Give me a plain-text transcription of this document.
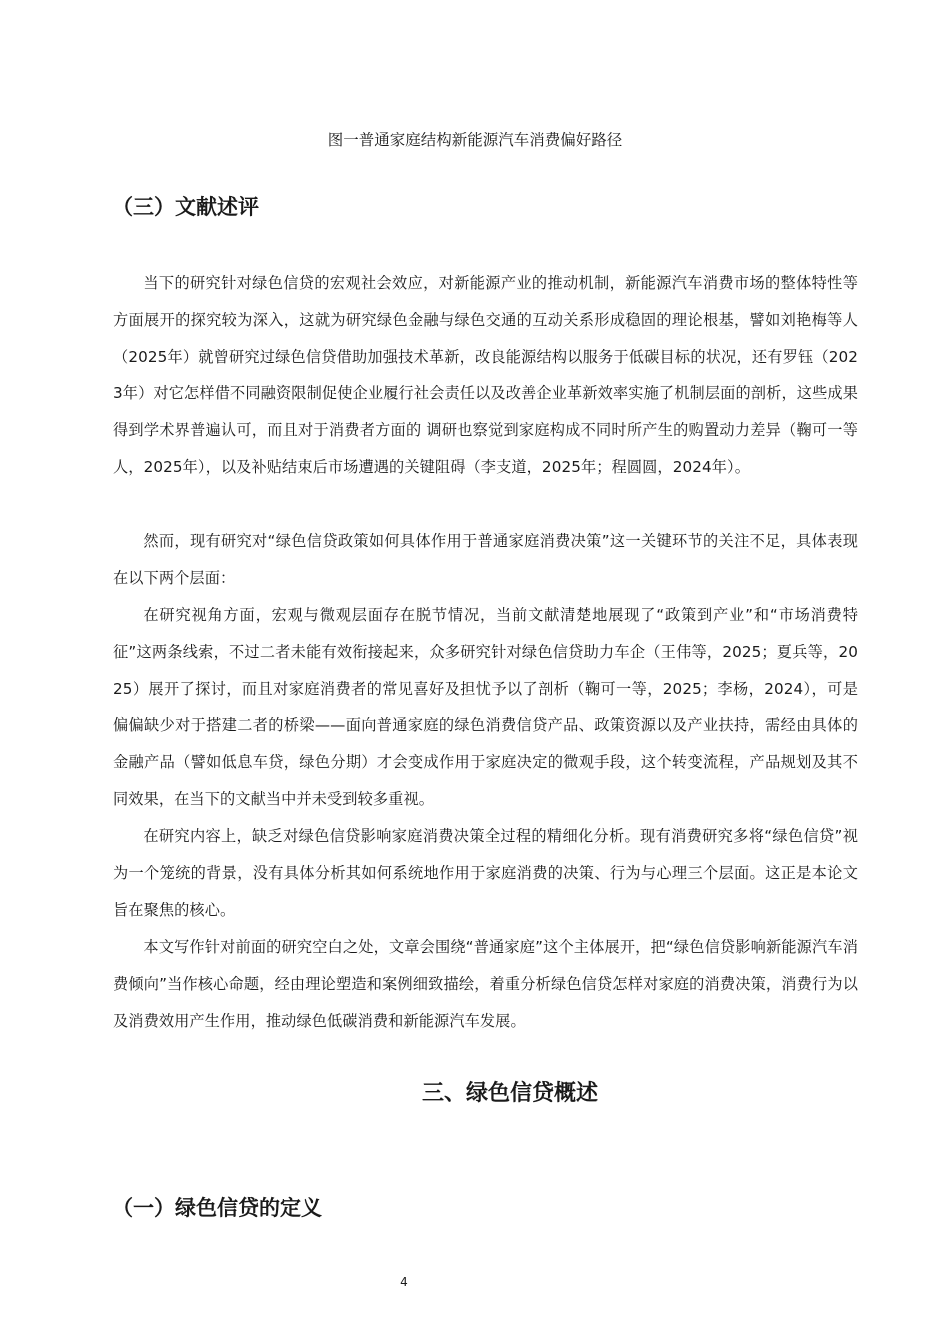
图一普通家庭结构新能源汽车消费偏好路径
（三）文献述评
当下的研究针对绿色信贷的宏观社会效应，对新能源产业的推动机制，新能源汽车消费市场的整体特性等方面展开的探究较为深入，这就为研究绿色金融与绿色交通的互动关系形成稳固的理论根基，譬如刘艳梅等人（2025年）就曾研究过绿色信贷借助加强技术革新，改良能源结构以服务于低碳目标的状况，还有罗钰（2023年）对它怎样借不同融资限制促使企业履行社会责任以及改善企业革新效率实施了机制层面的剖析，这些成果得到学术界普遍认可，而且对于消费者方面的 调研也察觉到家庭构成不同时所产生的购置动力差异（鞠可一等人，2025年），以及补贴结束后市场遭遇的关键阻碍（李支道，2025年；程圆圆，2024年）。
然而，现有研究对“绿色信贷政策如何具体作用于普通家庭消费决策”这一关键环节的关注不足，具体表现在以下两个层面：
在研究视角方面，宏观与微观层面存在脱节情况，当前文献清楚地展现了“政策到产业”和“市场消费特征”这两条线索，不过二者未能有效衔接起来，众多研究针对绿色信贷助力车企（王伟等，2025；夏兵等，2025）展开了探讨，而且对家庭消费者的常见喜好及担忧予以了剖析（鞠可一等，2025；李杨，2024），可是偏偏缺少对于搭建二者的桥梁——面向普通家庭的绿色消费信贷产品、政策资源以及产业扶持，需经由具体的金融产品（譬如低息车贷，绿色分期）才会变成作用于家庭决定的微观手段，这个转变流程，产品规划及其不同效果，在当下的文献当中并未受到较多重视。
在研究内容上，缺乏对绿色信贷影响家庭消费决策全过程的精细化分析。现有消费研究多将“绿色信贷”视为一个笼统的背景，没有具体分析其如何系统地作用于家庭消费的决策、行为与心理三个层面。这正是本论文旨在聚焦的核心。
本文写作针对前面的研究空白之处，文章会围绕“普通家庭”这个主体展开，把“绿色信贷影响新能源汽车消费倾向”当作核心命题，经由理论塑造和案例细致描绘，着重分析绿色信贷怎样对家庭的消费决策，消费行为以及消费效用产生作用，推动绿色低碳消费和新能源汽车发展。
三、绿色信贷概述
（一）绿色信贷的定义
4
